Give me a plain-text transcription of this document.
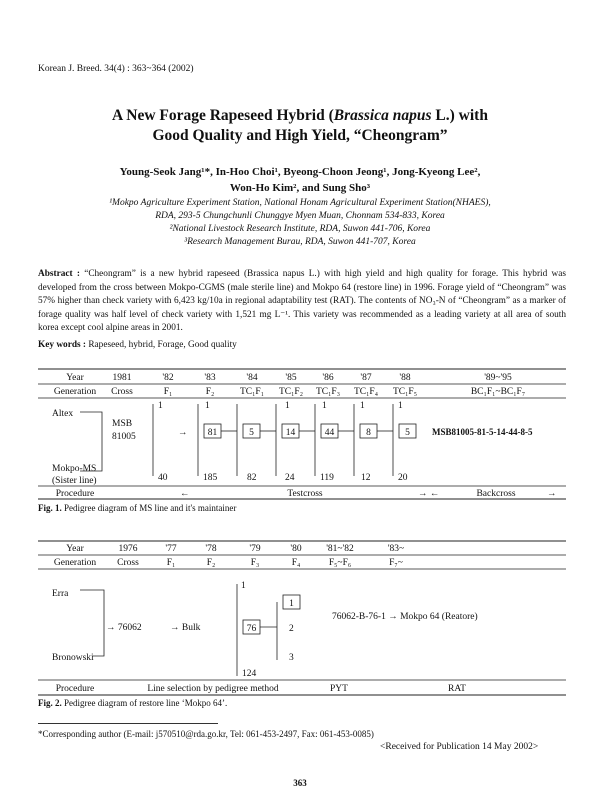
Korean J. Breed. 34(4) : 363~364 (2002)
A New Forage Rapeseed Hybrid (Brassica napus L.) with
Good Quality and High Yield, “Cheongram”
Young-Seok Jang¹*, In-Hoo Choi¹, Byeong-Choon Jeong¹, Jong-Kyeong Lee²,
Won-Ho Kim², and Sung Sho³
¹Mokpo Agriculture Experiment Station, National Honam Agricultural Experiment Station(NHAES),
RDA, 293-5 Chungchunli Chunggye Myen Muan, Chonnam 534-833, Korea
²National Livestock Research Institute, RDA, Suwon 441-706, Korea
³Research Management Burau, RDA, Suwon 441-707, Korea
Abstract : “Cheongram” is a new hybrid rapeseed (Brassica napus L.) with high yield and high quality for forage. This hybrid was developed from the cross between Mokpo-CGMS (male sterile line) and Mokpo 64 (restore line) in 1996. Forage yield of “Cheongram” was 57% higher than check variety with 6,423 kg/10a in regional adaptability test (RAT). The contents of NO₃-N of “Cheongram” as a marker of forage quality was half level of check variety with 1,521 mg L⁻¹. This variety was recommended as a leading variety at all area of south korea except cool alpine areas in 2001.
Key words : Rapeseed, hybrid, Forage, Good quality
Year	1981	'82	'83	'84	'85	'86	'87	'88	'89~'95
Generation Cross	F₁	F₂	TC₁F₁ TC₁F₂ TC₁F₃ TC₁F₄ TC₁F₅	BC₁F₁~BC₁F₇
Altex
Mokpo-MS
(Sister line)
MSB
81005
1
40
→ 81
1
185
5
82
14
1
24
44
1
119
8
1
12
5
1
20
MSB81005-81-5-14-44-8-5
Procedure	←	Testcross	→ ←	Backcross	→
Fig. 1. Pedigree diagram of MS line and it's maintainer
Year	1976	'77	'78	'79	'80	'81~'82	'83~
Generation Cross	F₁	F₂	F₃	F₄	F₅~F₆	F₇~
Erra
Bronowski
→ 76062	→ Bulk
1
76
124
1
2
3
76062-B-76-1 → Mokpo 64 (Reatore)
Procedure	Line selection by pedigree method	PYT	RAT
Fig. 2. Pedigree diagram of restore line ‘Mokpo 64’.
*Corresponding author (E-mail: j570510@rda.go.kr, Tel: 061-453-2497, Fax: 061-453-0085)
<Received for Publication 14 May 2002>
363
